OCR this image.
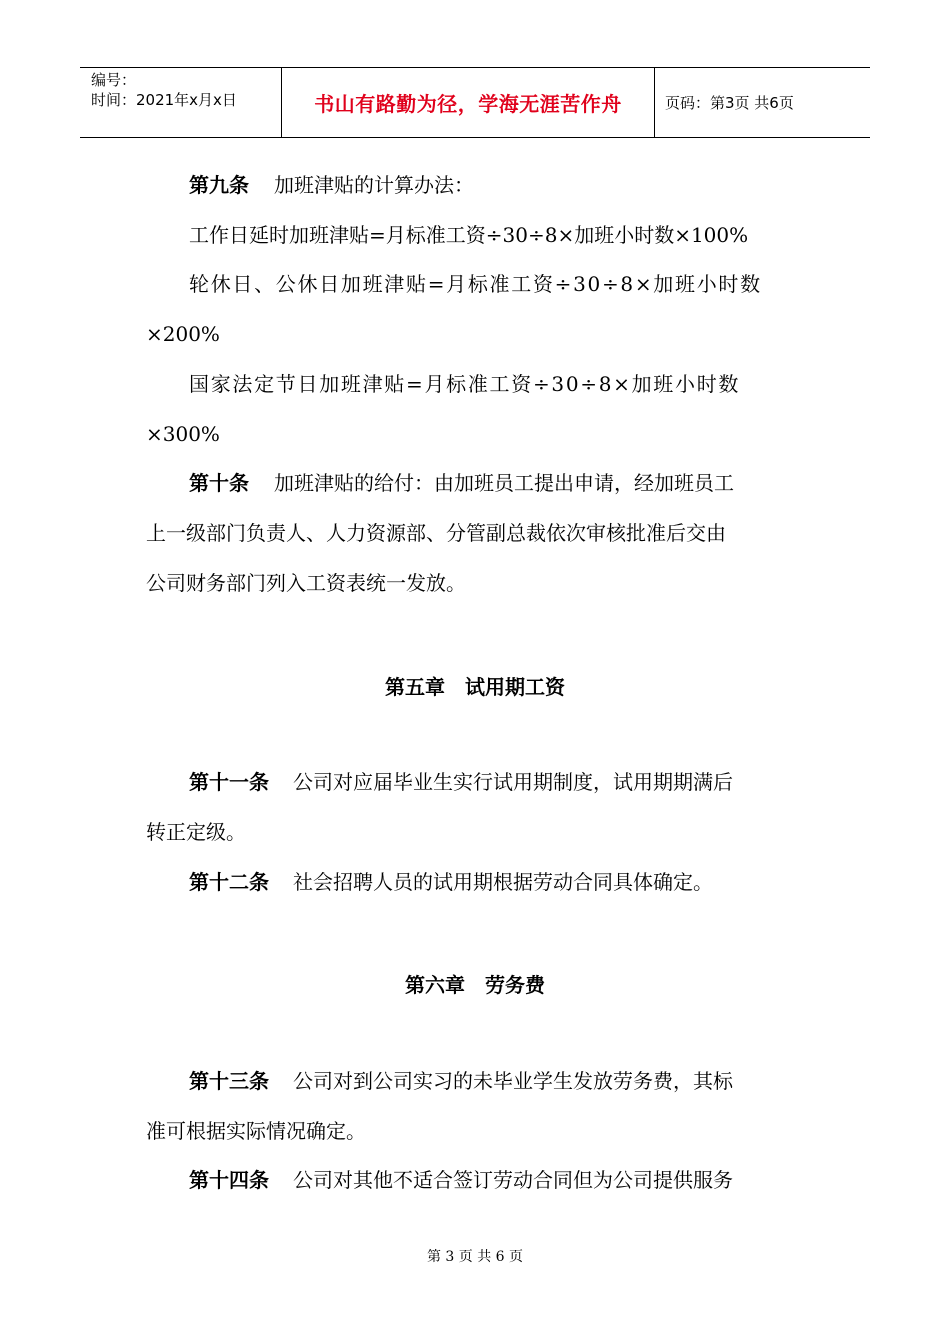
编号：
时间：2021年x月x日	书山有路勤为径，学海无涯苦作舟	页码：第3页 共6页
第九条 加班津贴的计算办法：
工作日延时加班津贴=月标准工资÷30÷8×加班小时数×100%
轮休日、公休日加班津贴=月标准工资÷30÷8×加班小时数
×200%
国家法定节日加班津贴=月标准工资÷30÷8×加班小时数
×300%
第十条 加班津贴的给付：由加班员工提出申请，经加班员工
上一级部门负责人、人力资源部、分管副总裁依次审核批准后交由
公司财务部门列入工资表统一发放。
第五章　试用期工资
第十一条 公司对应届毕业生实行试用期制度，试用期期满后
转正定级。
第十二条 社会招聘人员的试用期根据劳动合同具体确定。
第六章　劳务费
第十三条 公司对到公司实习的未毕业学生发放劳务费，其标
准可根据实际情况确定。
第十四条 公司对其他不适合签订劳动合同但为公司提供服务
第 3 页 共 6 页
